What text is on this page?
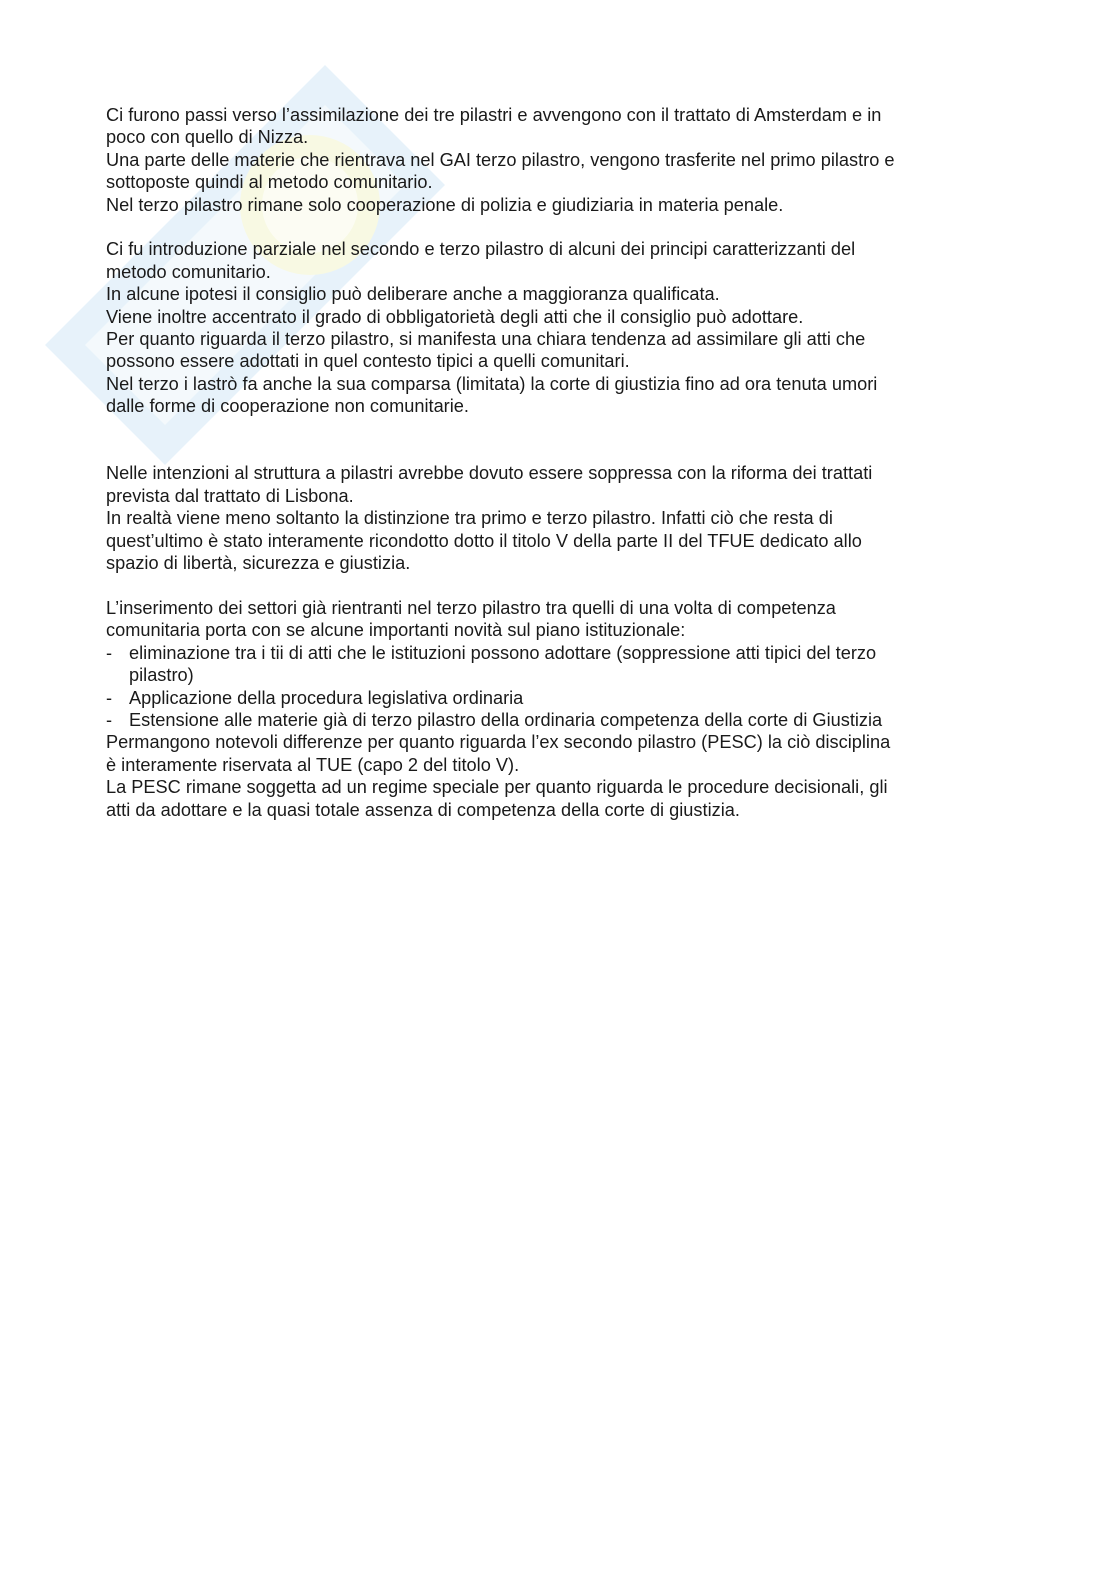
Ci furono passi verso l’assimilazione dei tre pilastri e avvengono con il trattato di Amsterdam e in
poco con quello di Nizza.
Una parte delle materie che rientrava nel GAI terzo pilastro, vengono trasferite nel primo pilastro e
sottoposte quindi al metodo comunitario.
Nel terzo pilastro rimane solo cooperazione di polizia e giudiziaria in materia penale.

Ci fu introduzione parziale nel secondo e terzo pilastro di alcuni dei principi caratterizzanti del
metodo comunitario.
In alcune ipotesi il consiglio può deliberare anche a maggioranza qualificata.
Viene inoltre accentrato il grado di obbligatorietà degli atti che il consiglio può adottare.
Per quanto riguarda il terzo pilastro, si manifesta una chiara tendenza ad assimilare gli atti che
possono essere adottati in quel contesto tipici a quelli comunitari.
Nel terzo i lastrò fa anche la sua comparsa (limitata) la corte di giustizia fino ad ora tenuta umori
dalle forme di cooperazione non comunitarie.

Nelle intenzioni al struttura a pilastri avrebbe dovuto essere soppressa con la riforma dei trattati
prevista dal trattato di Lisbona.
In realtà viene meno soltanto la distinzione tra primo e terzo pilastro. Infatti ciò che resta di
quest’ultimo è stato interamente ricondotto dotto il titolo V della parte II del TFUE dedicato allo
spazio di libertà, sicurezza e giustizia.

L’inserimento dei settori già rientranti nel terzo pilastro tra quelli di una volta di competenza
comunitaria porta con se alcune importanti novità sul piano istituzionale:

- eliminazione tra i tii di atti che le istituzioni possono adottare (soppressione atti tipici del terzo
pilastro)
- Applicazione della procedura legislativa ordinaria
- Estensione alle materie già di terzo pilastro della ordinaria competenza della corte di Giustizia

Permangono notevoli differenze per quanto riguarda l’ex secondo pilastro (PESC) la ciò disciplina
è interamente riservata al TUE (capo 2 del titolo V).
La PESC rimane soggetta ad un regime speciale per quanto riguarda le procedure decisionali, gli
atti da adottare e la quasi totale assenza di competenza della corte di giustizia.
